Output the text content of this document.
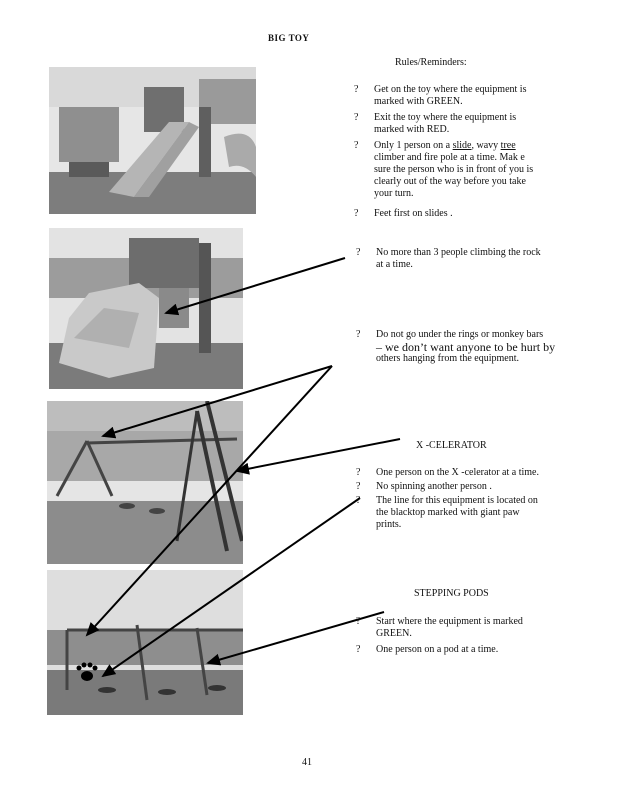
BIG TOY
Rules/Reminders:
? Get on the toy where the equipment is
marked with GREEN.
? Exit the toy where the equipment is
marked with RED.
? Only 1 person on a slide, wavy tree
climber and fire pole at a time. Mak e
sure the person who is in front of you is
clearly out of the way before you take
your turn.
? Feet first on slides .
? No more than 3 people climbing the rock
at a time.
? Do not go under the rings or monkey bars
– we don’t want anyone to be hurt by
others hanging from the equipment.
X -CELERATOR
? One person on the X -celerator at a time.
? No spinning another person .
? The line for this equipment is located on
the blacktop marked with giant paw
prints.
STEPPING PODS
? Start where the equipment is marked
GREEN.
? One person on a pod at a time.
41
